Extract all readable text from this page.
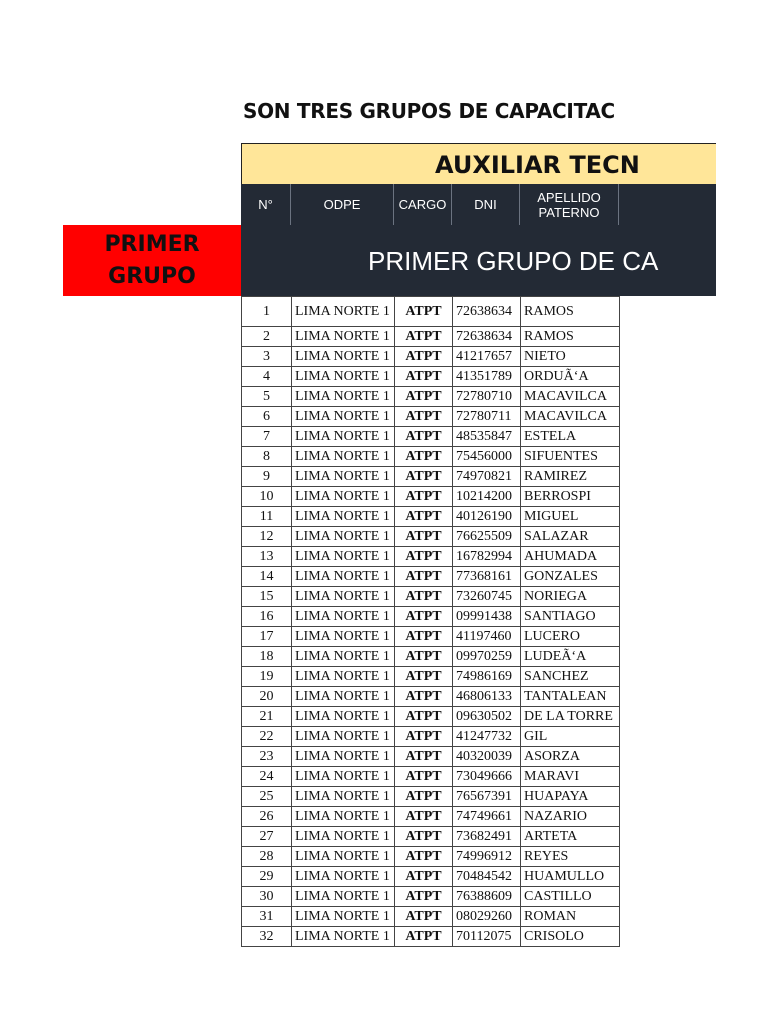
SON TRES GRUPOS DE CAPACITAC
AUXILIAR TECN
N°	ODPE	CARGO	DNI	APELLIDO
PATERNO
PRIMER
GRUPO	PRIMER GRUPO DE CA
1	LIMA NORTE 1	ATPT	72638634	RAMOS
2	LIMA NORTE 1	ATPT	72638634	RAMOS
3	LIMA NORTE 1	ATPT	41217657	NIETO
4	LIMA NORTE 1	ATPT	41351789	ORDUÃ‘A
5	LIMA NORTE 1	ATPT	72780710	MACAVILCA
6	LIMA NORTE 1	ATPT	72780711	MACAVILCA
7	LIMA NORTE 1	ATPT	48535847	ESTELA
8	LIMA NORTE 1	ATPT	75456000	SIFUENTES
9	LIMA NORTE 1	ATPT	74970821	RAMIREZ
10	LIMA NORTE 1	ATPT	10214200	BERROSPI
11	LIMA NORTE 1	ATPT	40126190	MIGUEL
12	LIMA NORTE 1	ATPT	76625509	SALAZAR
13	LIMA NORTE 1	ATPT	16782994	AHUMADA
14	LIMA NORTE 1	ATPT	77368161	GONZALES
15	LIMA NORTE 1	ATPT	73260745	NORIEGA
16	LIMA NORTE 1	ATPT	09991438	SANTIAGO
17	LIMA NORTE 1	ATPT	41197460	LUCERO
18	LIMA NORTE 1	ATPT	09970259	LUDEÃ‘A
19	LIMA NORTE 1	ATPT	74986169	SANCHEZ
20	LIMA NORTE 1	ATPT	46806133	TANTALEAN
21	LIMA NORTE 1	ATPT	09630502	DE LA TORRE
22	LIMA NORTE 1	ATPT	41247732	GIL
23	LIMA NORTE 1	ATPT	40320039	ASORZA
24	LIMA NORTE 1	ATPT	73049666	MARAVI
25	LIMA NORTE 1	ATPT	76567391	HUAPAYA
26	LIMA NORTE 1	ATPT	74749661	NAZARIO
27	LIMA NORTE 1	ATPT	73682491	ARTETA
28	LIMA NORTE 1	ATPT	74996912	REYES
29	LIMA NORTE 1	ATPT	70484542	HUAMULLO
30	LIMA NORTE 1	ATPT	76388609	CASTILLO
31	LIMA NORTE 1	ATPT	08029260	ROMAN
32	LIMA NORTE 1	ATPT	70112075	CRISOLO
